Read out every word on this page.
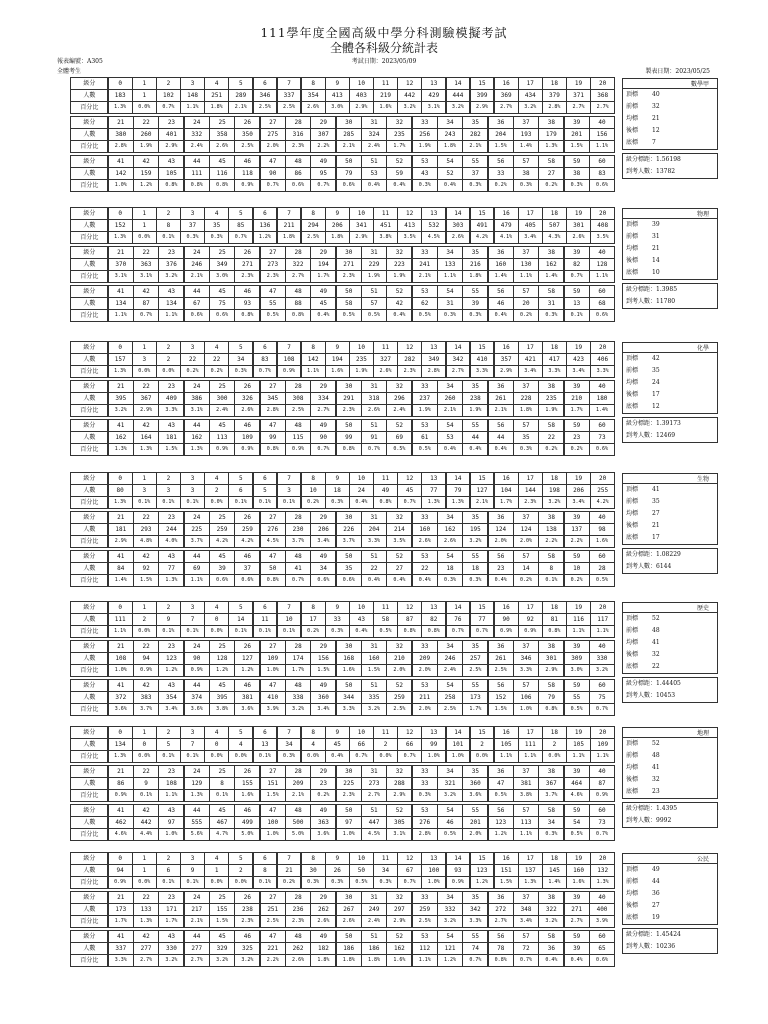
111學年度全國高級中學分科測驗模擬考試
全體各科級分統計表
考試日期：2023/05/09
報表編號：A305
全體考生	製表日期：2023/05/25
級分	0	1	2	3	4	5	6	7	8	9	10	11	12	13	14	15	16	17	18	19	20
人數	183	1	102	148	251	289	346	337	354	413	403	219	442	429	444	399	369	434	379	371	368
百分比	1.3%	0.0%	0.7%	1.1%	1.8%	2.1%	2.5%	2.5%	2.6%	3.0%	2.9%	1.6%	3.2%	3.1%	3.2%	2.9%	2.7%	3.2%	2.8%	2.7%	2.7%
級分	21	22	23	24	25	26	27	28	29	30	31	32	33	34	35	36	37	38	39	40
人數	380	260	401	332	358	350	275	316	307	285	324	235	256	243	282	204	193	179	201	156
百分比	2.8%	1.9%	2.9%	2.4%	2.6%	2.5%	2.0%	2.3%	2.2%	2.1%	2.4%	1.7%	1.9%	1.8%	2.1%	1.5%	1.4%	1.3%	1.5%	1.1%
級分	41	42	43	44	45	46	47	48	49	50	51	52	53	54	55	56	57	58	59	60
人數	142	159	105	111	116	118	90	86	95	79	53	59	43	52	37	33	38	27	38	83
百分比	1.0%	1.2%	0.8%	0.8%	0.8%	0.9%	0.7%	0.6%	0.7%	0.6%	0.4%	0.4%	0.3%	0.4%	0.3%	0.2%	0.3%	0.2%	0.3%	0.6%
數學甲
頂標	40
前標	32
均標	21
後標	12
底標	7
級分標距： 1.56198
到考人數： 13782
級分	0	1	2	3	4	5	6	7	8	9	10	11	12	13	14	15	16	17	18	19	20
人數	152	1	8	37	35	85	136	211	294	206	341	451	413	532	303	491	479	405	507	301	408
百分比	1.3%	0.0%	0.1%	0.3%	0.3%	0.7%	1.2%	1.8%	2.5%	1.8%	2.9%	3.8%	3.5%	4.5%	2.6%	4.2%	4.1%	3.4%	4.3%	2.6%	3.5%
級分	21	22	23	24	25	26	27	28	29	30	31	32	33	34	35	36	37	38	39	40
人數	370	363	376	246	349	271	273	322	194	271	229	223	241	133	216	160	130	162	82	128
百分比	3.1%	3.1%	3.2%	2.1%	3.0%	2.3%	2.3%	2.7%	1.7%	2.3%	1.9%	1.9%	2.1%	1.1%	1.8%	1.4%	1.1%	1.4%	0.7%	1.1%
級分	41	42	43	44	45	46	47	48	49	50	51	52	53	54	55	56	57	58	59	60
人數	134	87	134	67	75	93	55	88	45	58	57	42	62	31	39	46	20	31	13	68
百分比	1.1%	0.7%	1.1%	0.6%	0.6%	0.8%	0.5%	0.8%	0.4%	0.5%	0.5%	0.4%	0.5%	0.3%	0.3%	0.4%	0.2%	0.3%	0.1%	0.6%
物理
頂標	39
前標	31
均標	21
後標	14
底標	10
級分標距： 1.3985
到考人數： 11780
級分	0	1	2	3	4	5	6	7	8	9	10	11	12	13	14	15	16	17	18	19	20
人數	157	3	2	22	22	34	83	108	142	194	235	327	282	349	342	410	357	421	417	423	406
百分比	1.3%	0.0%	0.0%	0.2%	0.2%	0.3%	0.7%	0.9%	1.1%	1.6%	1.9%	2.6%	2.3%	2.8%	2.7%	3.3%	2.9%	3.4%	3.3%	3.4%	3.3%
級分	21	22	23	24	25	26	27	28	29	30	31	32	33	34	35	36	37	38	39	40
人數	395	367	409	386	300	326	345	308	334	291	318	296	237	260	238	261	228	235	210	180
百分比	3.2%	2.9%	3.3%	3.1%	2.4%	2.6%	2.8%	2.5%	2.7%	2.3%	2.6%	2.4%	1.9%	2.1%	1.9%	2.1%	1.8%	1.9%	1.7%	1.4%
級分	41	42	43	44	45	46	47	48	49	50	51	52	53	54	55	56	57	58	59	60
人數	162	164	181	162	113	109	99	115	90	99	91	69	61	53	44	44	35	22	23	73
百分比	1.3%	1.3%	1.5%	1.3%	0.9%	0.9%	0.8%	0.9%	0.7%	0.8%	0.7%	0.5%	0.5%	0.4%	0.4%	0.4%	0.3%	0.2%	0.2%	0.6%
化學
頂標	42
前標	35
均標	24
後標	17
底標	12
級分標距： 1.39173
到考人數： 12469
級分	0	1	2	3	4	5	6	7	8	9	10	11	12	13	14	15	16	17	18	19	20
人數	80	3	3	3	2	6	5	3	10	18	24	49	45	77	79	127	104	144	198	206	255
百分比	1.3%	0.1%	0.1%	0.1%	0.0%	0.1%	0.1%	0.1%	0.2%	0.3%	0.4%	0.8%	0.7%	1.3%	1.3%	2.1%	1.7%	2.3%	3.2%	3.4%	4.2%
級分	21	22	23	24	25	26	27	28	29	30	31	32	33	34	35	36	37	38	39	40
人數	181	293	244	225	259	259	276	230	206	226	204	214	160	162	195	124	124	138	137	98
百分比	2.9%	4.8%	4.0%	3.7%	4.2%	4.2%	4.5%	3.7%	3.4%	3.7%	3.3%	3.5%	2.6%	2.6%	3.2%	2.0%	2.0%	2.2%	2.2%	1.6%
級分	41	42	43	44	45	46	47	48	49	50	51	52	53	54	55	56	57	58	59	60
人數	84	92	77	69	39	37	50	41	34	35	22	27	22	18	18	23	14	8	10	28
百分比	1.4%	1.5%	1.3%	1.1%	0.6%	0.6%	0.8%	0.7%	0.6%	0.6%	0.4%	0.4%	0.4%	0.3%	0.3%	0.4%	0.2%	0.1%	0.2%	0.5%
生物
頂標	41
前標	35
均標	27
後標	21
底標	17
級分標距： 1.08229
到考人數： 6144
級分	0	1	2	3	4	5	6	7	8	9	10	11	12	13	14	15	16	17	18	19	20
人數	111	2	9	7	0	14	11	10	17	33	43	58	87	82	76	77	90	92	81	116	117
百分比	1.1%	0.0%	0.1%	0.1%	0.0%	0.1%	0.1%	0.1%	0.2%	0.3%	0.4%	0.5%	0.8%	0.8%	0.7%	0.7%	0.9%	0.9%	0.8%	1.1%	1.1%
級分	21	22	23	24	25	26	27	28	29	30	31	32	33	34	35	36	37	38	39	40
人數	108	94	123	90	128	127	109	174	156	168	160	210	209	246	257	261	346	301	309	330
百分比	1.0%	0.9%	1.2%	0.9%	1.2%	1.2%	1.0%	1.7%	1.5%	1.6%	1.5%	2.0%	2.0%	2.4%	2.5%	2.5%	3.3%	2.9%	3.0%	3.2%
級分	41	42	43	44	45	46	47	48	49	50	51	52	53	54	55	56	57	58	59	60
人數	372	383	354	374	395	381	410	338	360	344	335	259	211	258	173	152	106	79	55	75
百分比	3.6%	3.7%	3.4%	3.6%	3.8%	3.6%	3.9%	3.2%	3.4%	3.3%	3.2%	2.5%	2.0%	2.5%	1.7%	1.5%	1.0%	0.8%	0.5%	0.7%
歷史
頂標	52
前標	48
均標	41
後標	32
底標	22
級分標距： 1.44405
到考人數： 10453
級分	0	1	2	3	4	5	6	7	8	9	10	11	12	13	14	15	16	17	18	19	20
人數	134	0	5	7	0	4	13	34	4	45	66	2	66	99	101	2	105	111	2	105	109
百分比	1.3%	0.0%	0.1%	0.1%	0.0%	0.0%	0.1%	0.3%	0.0%	0.4%	0.7%	0.0%	0.7%	1.0%	1.0%	0.0%	1.1%	1.1%	0.0%	1.1%	1.1%
級分	21	22	23	24	25	26	27	28	29	30	31	32	33	34	35	36	37	38	39	40
人數	86	9	108	129	8	155	151	209	23	225	273	288	33	321	360	47	381	367	464	87
百分比	0.9%	0.1%	1.1%	1.3%	0.1%	1.6%	1.5%	2.1%	0.2%	2.3%	2.7%	2.9%	0.3%	3.2%	3.6%	0.5%	3.8%	3.7%	4.6%	0.9%
級分	41	42	43	44	45	46	47	48	49	50	51	52	53	54	55	56	57	58	59	60
人數	462	442	97	555	467	499	100	500	363	97	447	305	276	46	201	123	113	34	54	73
百分比	4.6%	4.4%	1.0%	5.6%	4.7%	5.0%	1.0%	5.0%	3.6%	1.0%	4.5%	3.1%	2.8%	0.5%	2.0%	1.2%	1.1%	0.3%	0.5%	0.7%
地理
頂標	52
前標	48
均標	41
後標	32
底標	23
級分標距： 1.4395
到考人數： 9992
級分	0	1	2	3	4	5	6	7	8	9	10	11	12	13	14	15	16	17	18	19	20
人數	94	1	6	9	1	2	8	21	30	26	50	34	67	100	93	123	151	137	145	160	132
百分比	0.9%	0.0%	0.1%	0.1%	0.0%	0.0%	0.1%	0.2%	0.3%	0.3%	0.5%	0.3%	0.7%	1.0%	0.9%	1.2%	1.5%	1.3%	1.4%	1.6%	1.3%
級分	21	22	23	24	25	26	27	28	29	30	31	32	33	34	35	36	37	38	39	40
人數	173	133	171	217	155	238	251	236	262	267	249	297	259	332	342	272	348	322	271	400
百分比	1.7%	1.3%	1.7%	2.1%	1.5%	2.3%	2.5%	2.3%	2.6%	2.6%	2.4%	2.9%	2.5%	3.2%	3.3%	2.7%	3.4%	3.2%	2.7%	3.9%
級分	41	42	43	44	45	46	47	48	49	50	51	52	53	54	55	56	57	58	59	60
人數	337	277	330	277	329	325	221	262	182	186	186	162	112	121	74	78	72	36	39	65
百分比	3.3%	2.7%	3.2%	2.7%	3.2%	3.2%	2.2%	2.6%	1.8%	1.8%	1.8%	1.6%	1.1%	1.2%	0.7%	0.8%	0.7%	0.4%	0.4%	0.6%
公民
頂標	49
前標	44
均標	36
後標	27
底標	19
級分標距： 1.45424
到考人數： 10236
